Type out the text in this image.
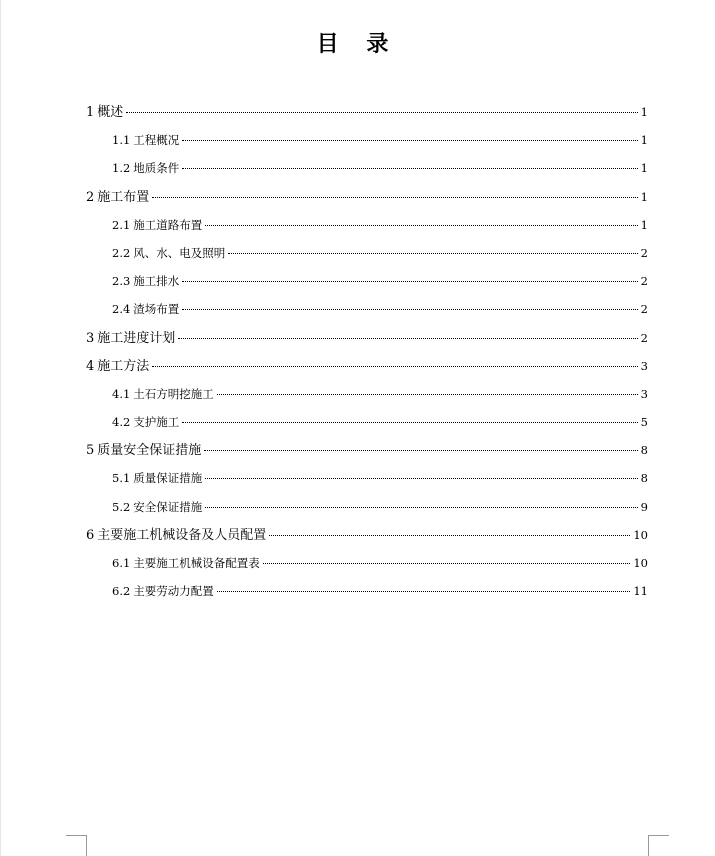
目 录
1 概述	1
1.1 工程概况	1
1.2 地质条件	1
2 施工布置	1
2.1 施工道路布置	1
2.2 风、水、电及照明	2
2.3 施工排水	2
2.4 渣场布置	2
3 施工进度计划	2
4 施工方法	3
4.1 土石方明挖施工	3
4.2 支护施工	5
5 质量安全保证措施	8
5.1 质量保证措施	8
5.2 安全保证措施	9
6 主要施工机械设备及人员配置	10
6.1 主要施工机械设备配置表	10
6.2 主要劳动力配置	11
